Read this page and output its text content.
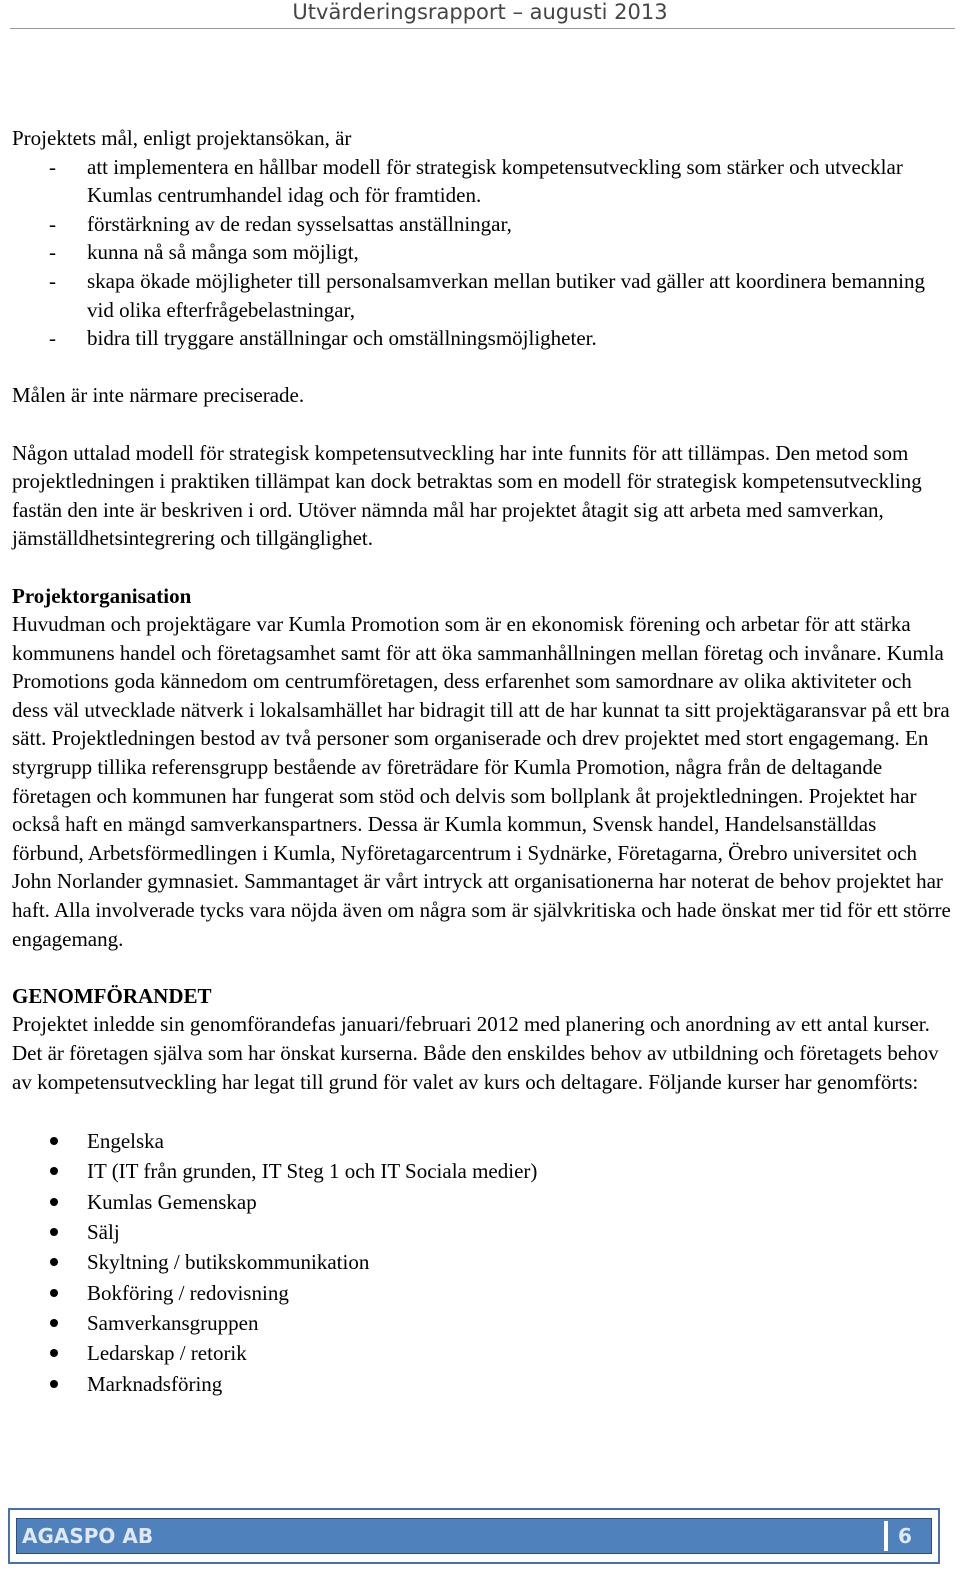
Utvärderingsrapport – augusti 2013

Projektets mål, enligt projektansökan, är

- att implementera en hållbar modell för strategisk kompetensutveckling som stärker och utvecklar Kumlas centrumhandel idag och för framtiden.
- förstärkning av de redan sysselsattas anställningar,
- kunna nå så många som möjligt,
- skapa ökade möjligheter till personalsamverkan mellan butiker vad gäller att koordinera bemanning vid olika efterfrågebelastningar,
- bidra till tryggare anställningar och omställningsmöjligheter.

Målen är inte närmare preciserade.

Någon uttalad modell för strategisk kompetensutveckling har inte funnits för att tillämpas. Den metod som projektledningen i praktiken tillämpat kan dock betraktas som en modell för strategisk kompetensutveckling fastän den inte är beskriven i ord. Utöver nämnda mål har projektet åtagit sig att arbeta med samverkan, jämställdhetsintegrering och tillgänglighet.

Projektorganisation

Huvudman och projektägare var Kumla Promotion som är en ekonomisk förening och arbetar för att stärka kommunens handel och företagsamhet samt för att öka sammanhållningen mellan företag och invånare. Kumla Promotions goda kännedom om centrumföretagen, dess erfarenhet som samordnare av olika aktiviteter och dess väl utvecklade nätverk i lokalsamhället har bidragit till att de har kunnat ta sitt projektägaransvar på ett bra sätt. Projektledningen bestod av två personer som organiserade och drev projektet med stort engagemang. En styrgrupp tillika referensgrupp bestående av företrädare för Kumla Promotion, några från de deltagande företagen och kommunen har fungerat som stöd och delvis som bollplank åt projektledningen. Projektet har också haft en mängd samverkanspartners. Dessa är Kumla kommun, Svensk handel, Handelsanställdas förbund, Arbetsförmedlingen i Kumla, Nyföretagarcentrum i Sydnärke, Företagarna, Örebro universitet och John Norlander gymnasiet. Sammantaget är vårt intryck att organisationerna har noterat de behov projektet har haft. Alla involverade tycks vara nöjda även om några som är självkritiska och hade önskat mer tid för ett större engagemang.

GENOMFÖRANDET

Projektet inledde sin genomförandefas januari/februari 2012 med planering och anordning av ett antal kurser. Det är företagen själva som har önskat kurserna. Både den enskildes behov av utbildning och företagets behov av kompetensutveckling har legat till grund för valet av kurs och deltagare. Följande kurser har genomförts:

Engelska
IT (IT från grunden, IT Steg 1 och IT Sociala medier)
Kumlas Gemenskap
Sälj
Skyltning / butikskommunikation
Bokföring / redovisning
Samverkansgruppen
Ledarskap / retorik
Marknadsföring
AGASPO AB	6
